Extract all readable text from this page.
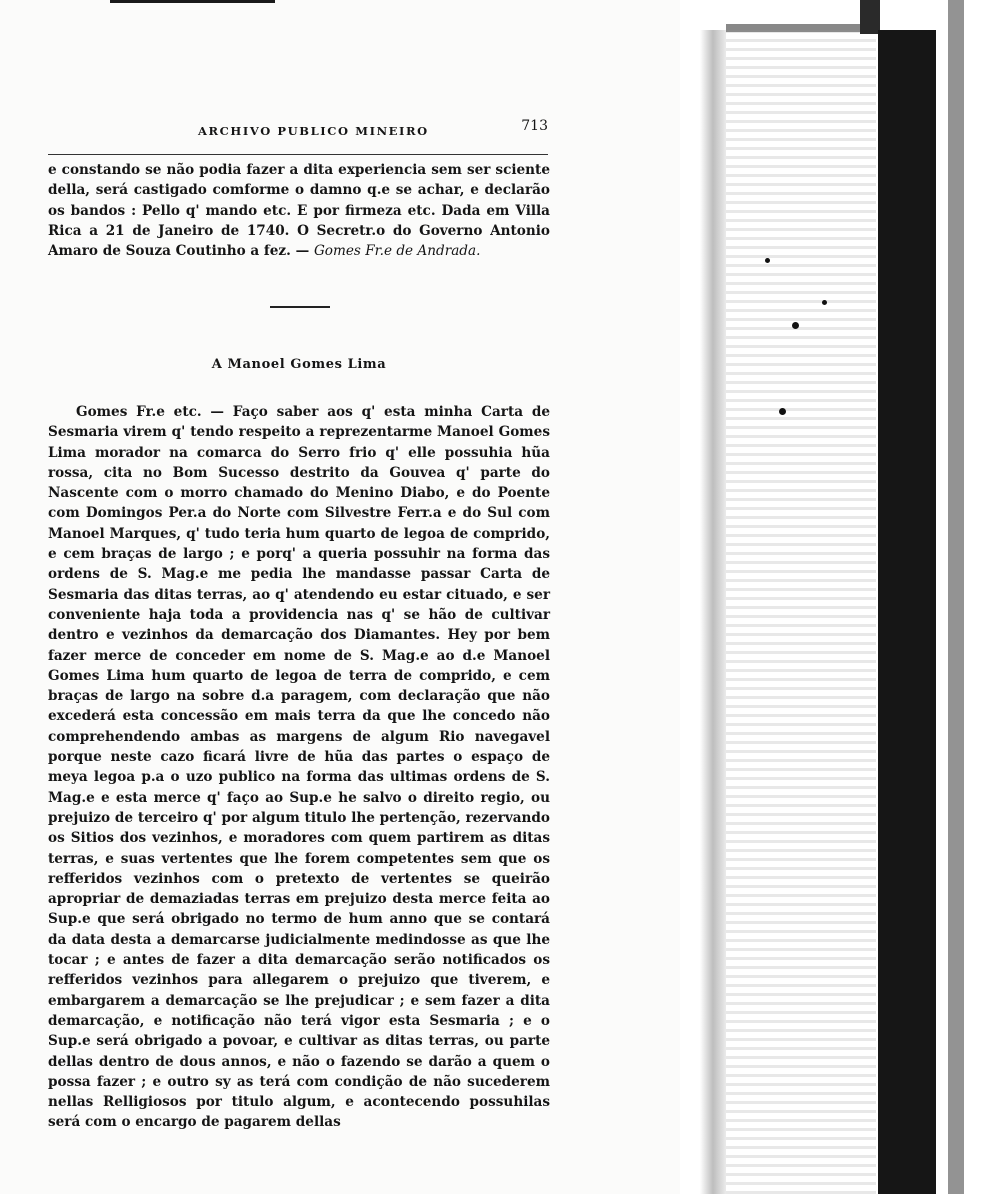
ARCHIVO PUBLICO MINEIRO	713
e constando se não podia fazer a dita experiencia sem ser sciente della, será castigado comforme o damno q.e se achar, e declarão os bandos : Pello q' mando etc. E por firmeza etc. Dada em Villa Rica a 21 de Janeiro de 1740. O Secretr.o do Governo Antonio Amaro de Souza Coutinho a fez. — Gomes Fr.e de Andrada.
A Manoel Gomes Lima
Gomes Fr.e etc. — Faço saber aos q' esta minha Carta de Sesmaria virem q' tendo respeito a reprezentarme Manoel Gomes Lima morador na comarca do Serro frio q' elle possuhia hũa rossa, cita no Bom Sucesso destrito da Gouvea q' parte do Nascente com o morro chamado do Menino Diabo, e do Poente com Domingos Per.a do Norte com Silvestre Ferr.a e do Sul com Manoel Marques, q' tudo teria hum quarto de legoa de comprido, e cem braças de largo ; e porq' a queria possuhir na forma das ordens de S. Mag.e me pedia lhe mandasse passar Carta de Sesmaria das ditas terras, ao q' atendendo eu estar cituado, e ser conveniente haja toda a providencia nas q' se hão de cultivar dentro e vezinhos da demarcação dos Diamantes. Hey por bem fazer merce de conceder em nome de S. Mag.e ao d.e Manoel Gomes Lima hum quarto de legoa de terra de comprido, e cem braças de largo na sobre d.a paragem, com declaração que não excederá esta concessão em mais terra da que lhe concedo não comprehendendo ambas as margens de algum Rio navegavel porque neste cazo ficará livre de hũa das partes o espaço de meya legoa p.a o uzo publico na forma das ultimas ordens de S. Mag.e e esta merce q' faço ao Sup.e he salvo o direito regio, ou prejuizo de terceiro q' por algum titulo lhe pertenção, rezervando os Sitios dos vezinhos, e moradores com quem partirem as ditas terras, e suas vertentes que lhe forem competentes sem que os refferidos vezinhos com o pretexto de vertentes se queirão apropriar de demaziadas terras em prejuizo desta merce feita ao Sup.e que será obrigado no termo de hum anno que se contará da data desta a demarcarse judicialmente medindosse as que lhe tocar ; e antes de fazer a dita demarcação serão notificados os refferidos vezinhos para allegarem o prejuizo que tiverem, e embargarem a demarcação se lhe prejudicar ; e sem fazer a dita demarcação, e notificação não terá vigor esta Sesmaria ; e o Sup.e será obrigado a povoar, e cultivar as ditas terras, ou parte dellas dentro de dous annos, e não o fazendo se darão a quem o possa fazer ; e outro sy as terá com condição de não sucederem nellas Relligiosos por titulo algum, e acontecendo possuhilas será com o encargo de pagarem dellas
